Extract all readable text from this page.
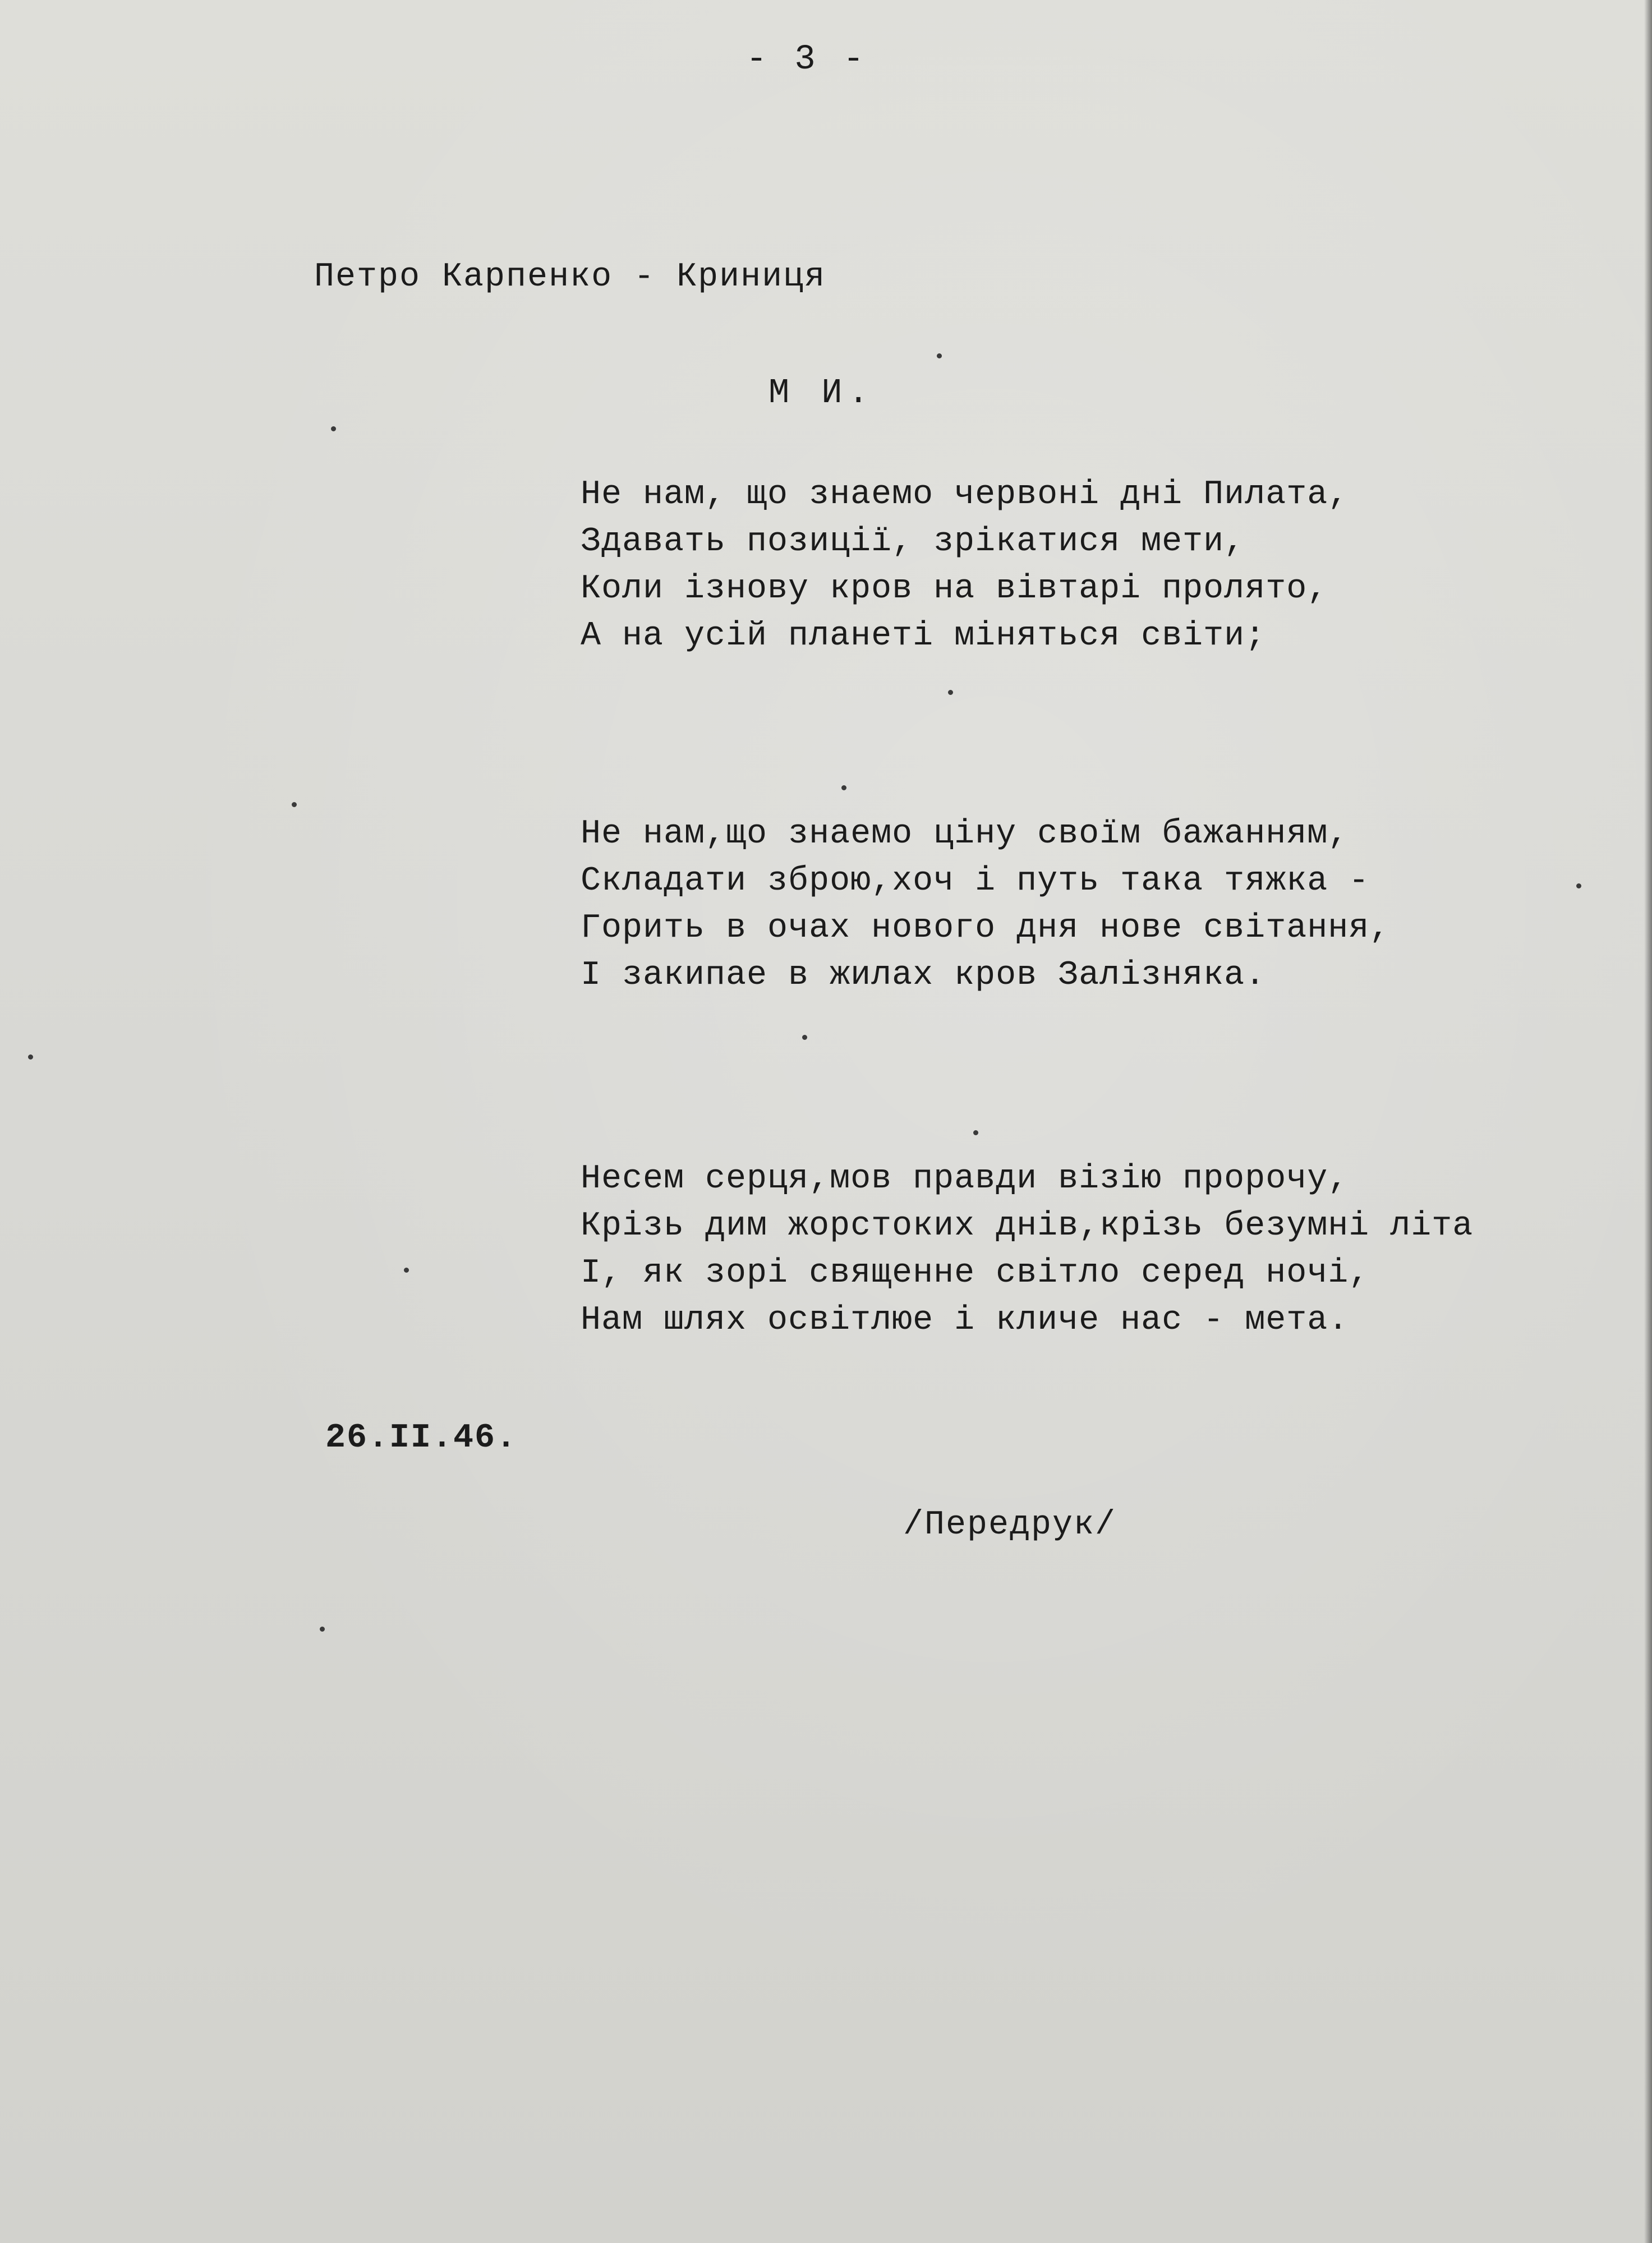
- 3 -
Петро Карпенко - Криниця
М И.
Не нам, що знаемо червоні дні Пилата,
Здавать позиції, зрікатися мети,
Коли ізнову кров на вівтарі пролято,
А на усій планеті міняться світи;
Не нам,що знаемо ціну своїм бажанням,
Складати зброю,хоч і путь така тяжка -
Горить в очах нового дня нове світання,
І закипае в жилах кров Залізняка.
Несем серця,мов правди візію пророчу,
Крізь дим жорстоких днів,крізь безумні літа
І, як зорі священне світло серед ночі,
Нам шлях освітлюе і кличе нас - мета.
26.ІІ.46.
/Передрук/
